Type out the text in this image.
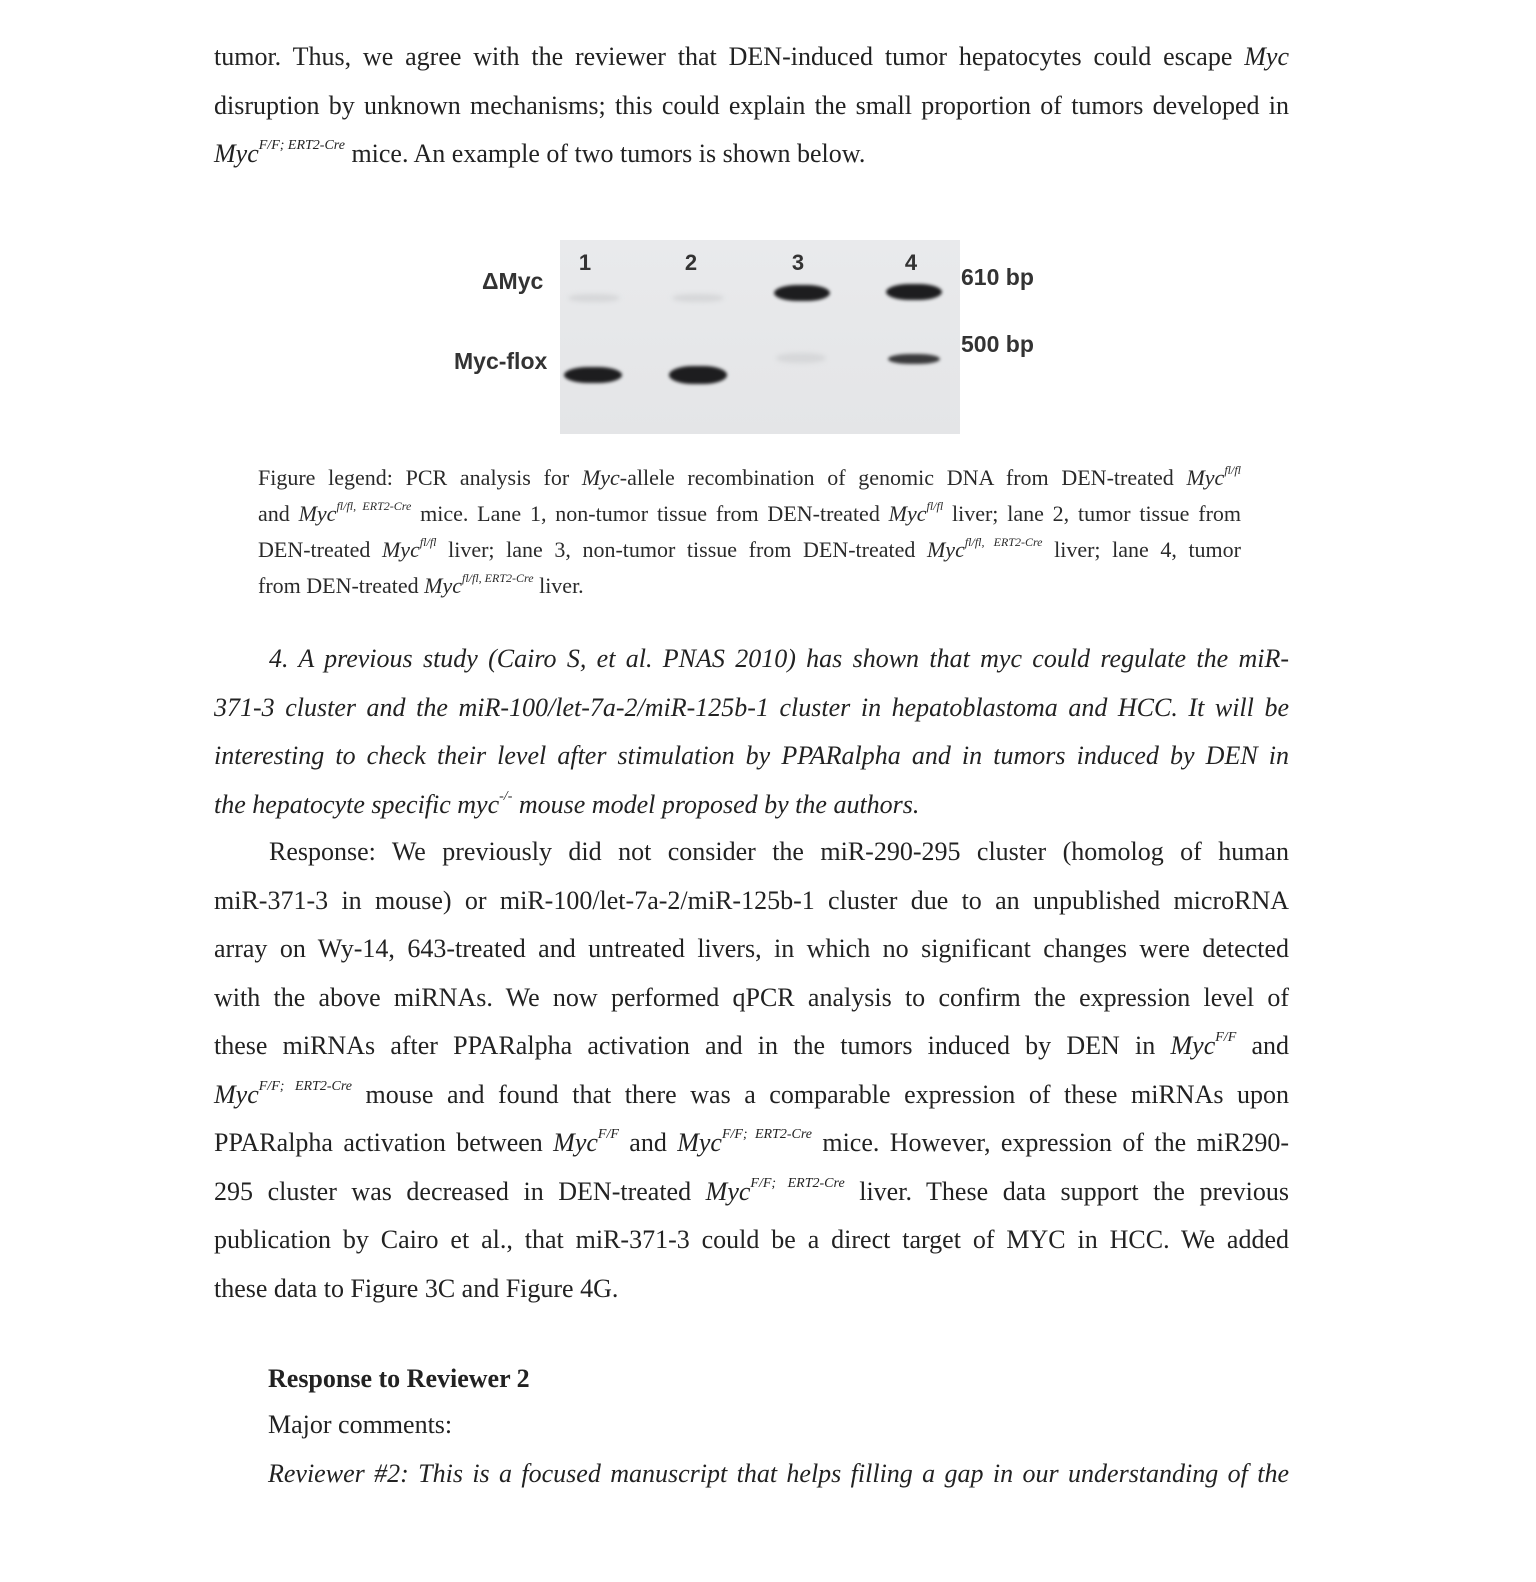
tumor. Thus, we agree with the reviewer that DEN-induced tumor hepatocytes could escape Myc
disruption by unknown mechanisms; this could explain the small proportion of tumors developed in
Myc$^{F/F; ERT2-Cre}$ mice. An example of two tumors is shown below.
ΔMyc
Myc-flox
1	2	3	4
610 bp
500 bp
Figure legend: PCR analysis for Myc-allele recombination of genomic DNA from DEN-treated Myc$^{fl/fl}$
and Myc$^{fl/fl, ERT2-Cre}$ mice. Lane 1, non-tumor tissue from DEN-treated Myc$^{fl/fl}$ liver; lane 2, tumor tissue from
DEN-treated Myc$^{fl/fl}$ liver; lane 3, non-tumor tissue from DEN-treated Myc$^{fl/fl, ERT2-Cre}$ liver; lane 4, tumor
from DEN-treated Myc$^{fl/fl, ERT2-Cre}$ liver.
4. A previous study (Cairo S, et al. PNAS 2010) has shown that myc could regulate the miR-
371-3 cluster and the miR-100/let-7a-2/miR-125b-1 cluster in hepatoblastoma and HCC. It will be
interesting to check their level after stimulation by PPARalpha and in tumors induced by DEN in
the hepatocyte specific myc-/- mouse model proposed by the authors.
Response: We previously did not consider the miR-290-295 cluster (homolog of human
miR-371-3 in mouse) or miR-100/let-7a-2/miR-125b-1 cluster due to an unpublished microRNA
array on Wy-14, 643-treated and untreated livers, in which no significant changes were detected
with the above miRNAs. We now performed qPCR analysis to confirm the expression level of
these miRNAs after PPARalpha activation and in the tumors induced by DEN in Myc$^{F/F}$ and
Myc$^{F/F; ERT2-Cre}$ mouse and found that there was a comparable expression of these miRNAs upon
PPARalpha activation between Myc$^{F/F}$ and Myc$^{F/F; ERT2-Cre}$ mice. However, expression of the miR290-
295 cluster was decreased in DEN-treated Myc$^{F/F; ERT2-Cre}$ liver. These data support the previous
publication by Cairo et al., that miR-371-3 could be a direct target of MYC in HCC. We added
these data to Figure 3C and Figure 4G.
Response to Reviewer 2
Major comments:
Reviewer #2: This is a focused manuscript that helps filling a gap in our understanding of the
